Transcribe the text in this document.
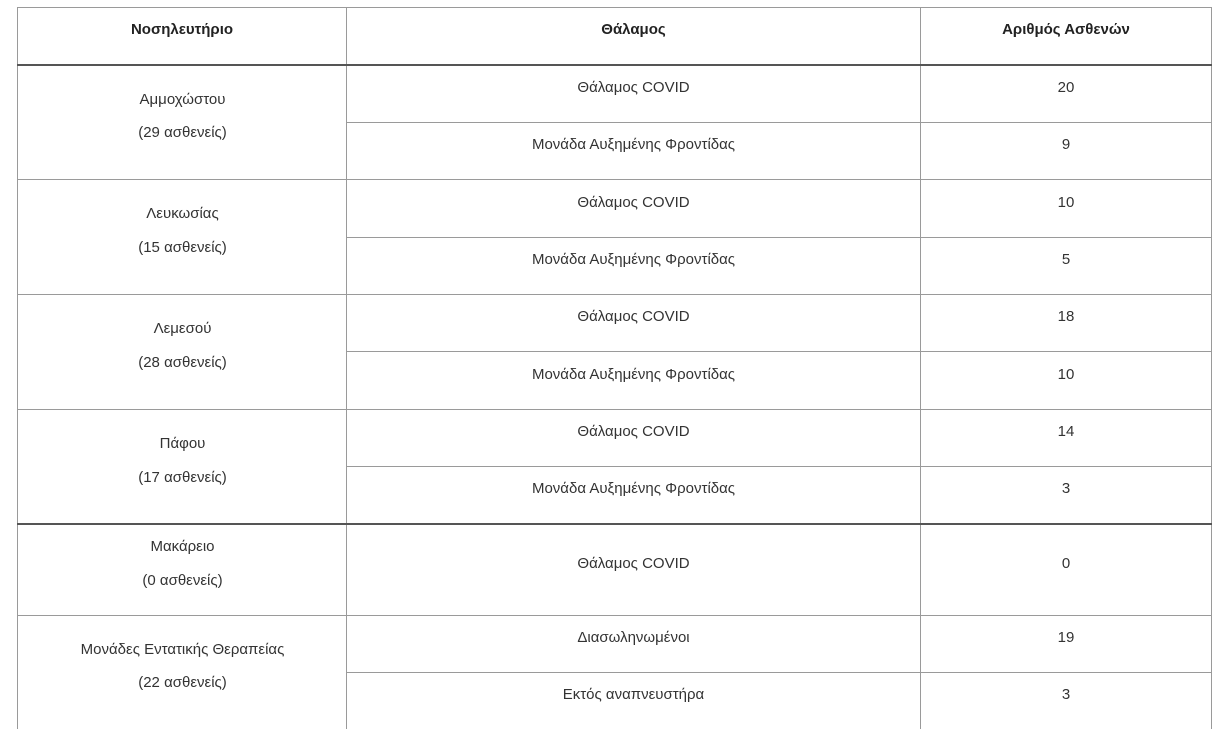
Νοσηλευτήριο	Θάλαμος	Αριθμός Ασθενών
Αμμοχώστου
(29 ασθενείς)
Θάλαμος COVID	20
Μονάδα Αυξημένης Φροντίδας	9
Λευκωσίας
(15 ασθενείς)
Θάλαμος COVID	10
Μονάδα Αυξημένης Φροντίδας	5
Λεμεσού
(28 ασθενείς)
Θάλαμος COVID	18
Μονάδα Αυξημένης Φροντίδας	10
Πάφου
(17 ασθενείς)
Θάλαμος COVID	14
Μονάδα Αυξημένης Φροντίδας	3
Μακάρειο
(0 ασθενείς)
Θάλαμος COVID	0
Μονάδες Εντατικής Θεραπείας
(22 ασθενείς)
Διασωληνωμένοι	19
Εκτός αναπνευστήρα	3
